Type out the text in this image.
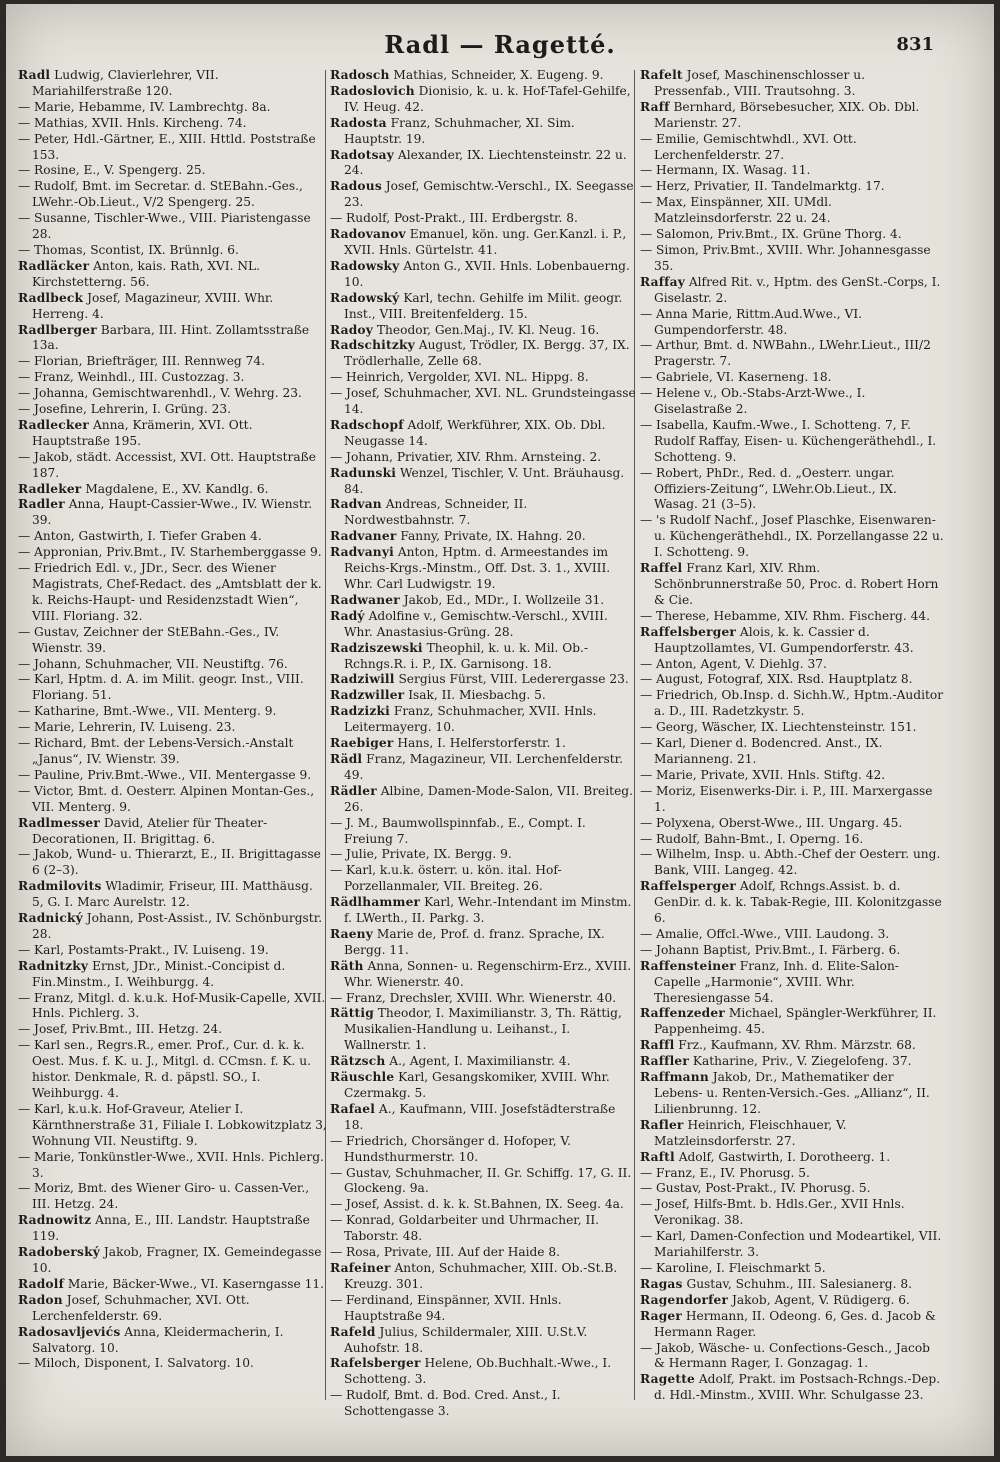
Radl — Ragetté.	831

Radl Ludwig, Clavierlehrer, VII. Mariahilferstraße 120.

— Marie, Hebamme, IV. Lambrechtg. 8a.

— Mathias, XVII. Hnls. Kircheng. 74.

— Peter, Hdl.-Gärtner, E., XIII. Httld. Poststraße 153.

— Rosine, E., V. Spengerg. 25.

— Rudolf, Bmt. im Secretar. d. StEBahn.-Ges., LWehr.-Ob.Lieut., V/2 Spengerg. 25.

— Susanne, Tischler-Wwe., VIII. Piaristengasse 28.

— Thomas, Scontist, IX. Brünnlg. 6.

Radläcker Anton, kais. Rath, XVI. NL. Kirchstetterng. 56.

Radlbeck Josef, Magazineur, XVIII. Whr. Herreng. 4.

Radlberger Barbara, III. Hint. Zollamtsstraße 13a.

— Florian, Briefträger, III. Rennweg 74.

— Franz, Weinhdl., III. Custozzag. 3.

— Johanna, Gemischtwarenhdl., V. Wehrg. 23.

— Josefine, Lehrerin, I. Grüng. 23.

Radlecker Anna, Krämerin, XVI. Ott. Hauptstraße 195.

— Jakob, städt. Accessist, XVI. Ott. Hauptstraße 187.

Radleker Magdalene, E., XV. Kandlg. 6.

Radler Anna, Haupt-Cassier-Wwe., IV. Wienstr. 39.

— Anton, Gastwirth, I. Tiefer Graben 4.

— Appronian, Priv.Bmt., IV. Starhemberggasse 9.

— Friedrich Edl. v., JDr., Secr. des Wiener Magistrats, Chef-Redact. des „Amtsblatt der k. k. Reichs-Haupt- und Residenzstadt Wien“, VIII. Floriang. 32.

— Gustav, Zeichner der StEBahn.-Ges., IV. Wienstr. 39.

— Johann, Schuhmacher, VII. Neustiftg. 76.

— Karl, Hptm. d. A. im Milit. geogr. Inst., VIII. Floriang. 51.

— Katharine, Bmt.-Wwe., VII. Menterg. 9.

— Marie, Lehrerin, IV. Luiseng. 23.

— Richard, Bmt. der Lebens-Versich.-Anstalt „Janus“, IV. Wienstr. 39.

— Pauline, Priv.Bmt.-Wwe., VII. Mentergasse 9.

— Victor, Bmt. d. Oesterr. Alpinen Montan-Ges., VII. Menterg. 9.

Radlmesser David, Atelier für Theater-Decorationen, II. Brigittag. 6.

— Jakob, Wund- u. Thierarzt, E., II. Brigittagasse 6 (2–3).

Radmilovits Wladimir, Friseur, III. Matthäusg. 5, G. I. Marc Aurelstr. 12.

Radnický Johann, Post-Assist., IV. Schönburgstr. 28.

— Karl, Postamts-Prakt., IV. Luiseng. 19.

Radnitzky Ernst, JDr., Minist.-Concipist d. Fin.Minstm., I. Weihburgg. 4.

— Franz, Mitgl. d. k.u.k. Hof-Musik-Capelle, XVII. Hnls. Pichlerg. 3.

— Josef, Priv.Bmt., III. Hetzg. 24.

— Karl sen., Regrs.R., emer. Prof., Cur. d. k. k. Oest. Mus. f. K. u. J., Mitgl. d. CCmsn. f. K. u. histor. Denkmale, R. d. päpstl. SO., I. Weihburgg. 4.

— Karl, k.u.k. Hof-Graveur, Atelier I. Kärnthnerstraße 31, Filiale I. Lobkowitzplatz 3, Wohnung VII. Neustiftg. 9.

— Marie, Tonkünstler-Wwe., XVII. Hnls. Pichlerg. 3.

— Moriz, Bmt. des Wiener Giro- u. Cassen-Ver., III. Hetzg. 24.

Radnowitz Anna, E., III. Landstr. Hauptstraße 119.

Radoberský Jakob, Fragner, IX. Gemeindegasse 10.

Radolf Marie, Bäcker-Wwe., VI. Kaserngasse 11.

Radon Josef, Schuhmacher, XVI. Ott. Lerchenfelderstr. 69.

Radosavljevićs Anna, Kleidermacherin, I. Salvatorg. 10.

— Miloch, Disponent, I. Salvatorg. 10.

Radosch Mathias, Schneider, X. Eugeng. 9.

Radoslovich Dionisio, k. u. k. Hof-Tafel-Gehilfe, IV. Heug. 42.

Radosta Franz, Schuhmacher, XI. Sim. Hauptstr. 19.

Radotsay Alexander, IX. Liechtensteinstr. 22 u. 24.

Radous Josef, Gemischtw.-Verschl., IX. Seegasse 23.

— Rudolf, Post-Prakt., III. Erdbergstr. 8.

Radovanov Emanuel, kön. ung. Ger.Kanzl. i. P., XVII. Hnls. Gürtelstr. 41.

Radowsky Anton G., XVII. Hnls. Lobenbauerng. 10.

Radowský Karl, techn. Gehilfe im Milit. geogr. Inst., VIII. Breitenfelderg. 15.

Radoy Theodor, Gen.Maj., IV. Kl. Neug. 16.

Radschitzky August, Trödler, IX. Bergg. 37, IX. Trödlerhalle, Zelle 68.

— Heinrich, Vergolder, XVI. NL. Hippg. 8.

— Josef, Schuhmacher, XVI. NL. Grundsteingasse 14.

Radschopf Adolf, Werkführer, XIX. Ob. Dbl. Neugasse 14.

— Johann, Privatier, XIV. Rhm. Arnsteing. 2.

Radunski Wenzel, Tischler, V. Unt. Bräuhausg. 84.

Radvan Andreas, Schneider, II. Nordwestbahnstr. 7.

Radvaner Fanny, Private, IX. Hahng. 20.

Radvanyi Anton, Hptm. d. Armeestandes im Reichs-Krgs.-Minstm., Off. Dst. 3. 1., XVIII. Whr. Carl Ludwigstr. 19.

Radwaner Jakob, Ed., MDr., I. Wollzeile 31.

Radý Adolfine v., Gemischtw.-Verschl., XVIII. Whr. Anastasius-Grüng. 28.

Radziszewski Theophil, k. u. k. Mil. Ob.-Rchngs.R. i. P., IX. Garnisong. 18.

Radziwill Sergius Fürst, VIII. Lederergasse 23.

Radzwiller Isak, II. Miesbachg. 5.

Radzizki Franz, Schuhmacher, XVII. Hnls. Leitermayerg. 10.

Raebiger Hans, I. Helferstorferstr. 1.

Rädl Franz, Magazineur, VII. Lerchenfelderstr. 49.

Rädler Albine, Damen-Mode-Salon, VII. Breiteg. 26.

— J. M., Baumwollspinnfab., E., Compt. I. Freiung 7.

— Julie, Private, IX. Bergg. 9.

— Karl, k.u.k. österr. u. kön. ital. Hof-Porzellanmaler, VII. Breiteg. 26.

Rädlhammer Karl, Wehr.-Intendant im Minstm. f. LWerth., II. Parkg. 3.

Raeny Marie de, Prof. d. franz. Sprache, IX. Bergg. 11.

Räth Anna, Sonnen- u. Regenschirm-Erz., XVIII. Whr. Wienerstr. 40.

— Franz, Drechsler, XVIII. Whr. Wienerstr. 40.

Rättig Theodor, I. Maximilianstr. 3, Th. Rättig, Musikalien-Handlung u. Leihanst., I. Wallnerstr. 1.

Rätzsch A., Agent, I. Maximilianstr. 4.

Räuschle Karl, Gesangskomiker, XVIII. Whr. Czermakg. 5.

Rafael A., Kaufmann, VIII. Josefstädterstraße 18.

— Friedrich, Chorsänger d. Hofoper, V. Hundsthurmerstr. 10.

— Gustav, Schuhmacher, II. Gr. Schiffg. 17, G. II. Glockeng. 9a.

— Josef, Assist. d. k. k. St.Bahnen, IX. Seeg. 4a.

— Konrad, Goldarbeiter und Uhrmacher, II. Taborstr. 48.

— Rosa, Private, III. Auf der Haide 8.

Rafeiner Anton, Schuhmacher, XIII. Ob.-St.B. Kreuzg. 301.

— Ferdinand, Einspänner, XVII. Hnls. Hauptstraße 94.

Rafeld Julius, Schildermaler, XIII. U.St.V. Auhofstr. 18.

Rafelsberger Helene, Ob.Buchhalt.-Wwe., I. Schotteng. 3.

— Rudolf, Bmt. d. Bod. Cred. Anst., I. Schottengasse 3.

Rafelt Josef, Maschinenschlosser u. Pressenfab., VIII. Trautsohng. 3.

Raff Bernhard, Börsebesucher, XIX. Ob. Dbl. Marienstr. 27.

— Emilie, Gemischtwhdl., XVI. Ott. Lerchenfelderstr. 27.

— Hermann, IX. Wasag. 11.

— Herz, Privatier, II. Tandelmarktg. 17.

— Max, Einspänner, XII. UMdl. Matzleinsdorferstr. 22 u. 24.

— Salomon, Priv.Bmt., IX. Grüne Thorg. 4.

— Simon, Priv.Bmt., XVIII. Whr. Johannesgasse 35.

Raffay Alfred Rit. v., Hptm. des GenSt.-Corps, I. Giselastr. 2.

— Anna Marie, Rittm.Aud.Wwe., VI. Gumpendorferstr. 48.

— Arthur, Bmt. d. NWBahn., LWehr.Lieut., III/2 Pragerstr. 7.

— Gabriele, VI. Kaserneng. 18.

— Helene v., Ob.-Stabs-Arzt-Wwe., I. Giselastraße 2.

— Isabella, Kaufm.-Wwe., I. Schotteng. 7, F. Rudolf Raffay, Eisen- u. Küchengeräthehdl., I. Schotteng. 9.

— Robert, PhDr., Red. d. „Oesterr. ungar. Offiziers-Zeitung“, LWehr.Ob.Lieut., IX. Wasag. 21 (3–5).

— 's Rudolf Nachf., Josef Plaschke, Eisenwaren- u. Küchengeräthehdl., IX. Porzellangasse 22 u. I. Schotteng. 9.

Raffel Franz Karl, XIV. Rhm. Schönbrunnerstraße 50, Proc. d. Robert Horn & Cie.

— Therese, Hebamme, XIV. Rhm. Fischerg. 44.

Raffelsberger Alois, k. k. Cassier d. Hauptzollamtes, VI. Gumpendorferstr. 43.

— Anton, Agent, V. Diehlg. 37.

— August, Fotograf, XIX. Rsd. Hauptplatz 8.

— Friedrich, Ob.Insp. d. Sichh.W., Hptm.-Auditor a. D., III. Radetzkystr. 5.

— Georg, Wäscher, IX. Liechtensteinstr. 151.

— Karl, Diener d. Bodencred. Anst., IX. Marianneng. 21.

— Marie, Private, XVII. Hnls. Stiftg. 42.

— Moriz, Eisenwerks-Dir. i. P., III. Marxergasse 1.

— Polyxena, Oberst-Wwe., III. Ungarg. 45.

— Rudolf, Bahn-Bmt., I. Operng. 16.

— Wilhelm, Insp. u. Abth.-Chef der Oesterr. ung. Bank, VIII. Langeg. 42.

Raffelsperger Adolf, Rchngs.Assist. b. d. GenDir. d. k. k. Tabak-Regie, III. Kolonitzgasse 6.

— Amalie, Offcl.-Wwe., VIII. Laudong. 3.

— Johann Baptist, Priv.Bmt., I. Färberg. 6.

Raffensteiner Franz, Inh. d. Elite-Salon-Capelle „Harmonie“, XVIII. Whr. Theresiengasse 54.

Raffenzeder Michael, Spängler-Werkführer, II. Pappenheimg. 45.

Raffl Frz., Kaufmann, XV. Rhm. Märzstr. 68.

Raffler Katharine, Priv., V. Ziegelofeng. 37.

Raffmann Jakob, Dr., Mathematiker der Lebens- u. Renten-Versich.-Ges. „Allianz“, II. Lilienbrunng. 12.

Rafler Heinrich, Fleischhauer, V. Matzleinsdorferstr. 27.

Raftl Adolf, Gastwirth, I. Dorotheerg. 1.

— Franz, E., IV. Phorusg. 5.

— Gustav, Post-Prakt., IV. Phorusg. 5.

— Josef, Hilfs-Bmt. b. Hdls.Ger., XVII Hnls. Veronikag. 38.

— Karl, Damen-Confection und Modeartikel, VII. Mariahilferstr. 3.

— Karoline, I. Fleischmarkt 5.

Ragas Gustav, Schuhm., III. Salesianerg. 8.

Ragendorfer Jakob, Agent, V. Rüdigerg. 6.

Rager Hermann, II. Odeong. 6, Ges. d. Jacob & Hermann Rager.

— Jakob, Wäsche- u. Confections-Gesch., Jacob & Hermann Rager, I. Gonzagag. 1.

Ragette Adolf, Prakt. im Postsach-Rchngs.-Dep. d. Hdl.-Minstm., XVIII. Whr. Schulgasse 23.
